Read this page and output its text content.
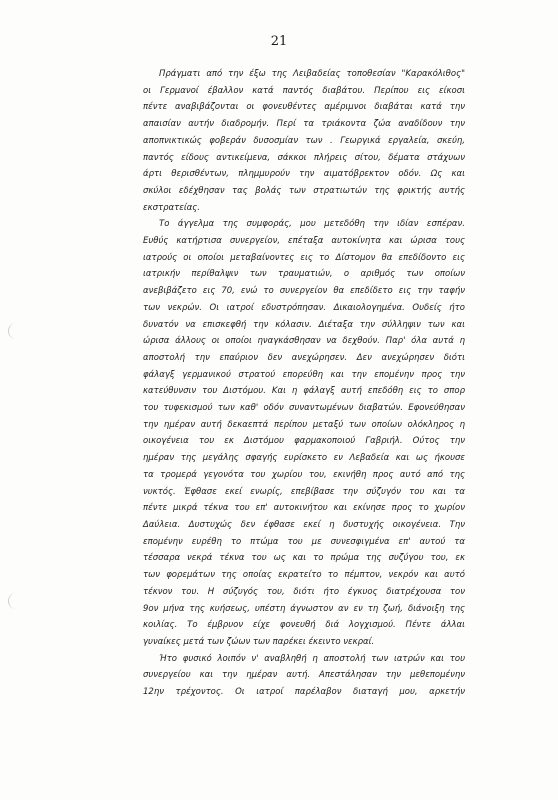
21

Πράγματι από την έξω της Λειβαδείας τοποθεσίαν "Καρακόλιθος"
οι Γερμανοί έβαλλον κατά παντός διαβάτου. Περίπου εις είκοσι
πέντε αναβιβάζονται οι φονευθέντες αμέριμνοι διαβάται κατά την
απαισίαν αυτήν διαδρομήν. Περί τα τριάκοντα ζώα αναδίδουν την
αποπνικτικώς φοβεράν δυσοσμίαν των . Γεωργικά εργαλεία, σκεύη,
παντός είδους αντικείμενα, σάκκοι πλήρεις σίτου, δέματα στάχυων
άρτι θερισθέντων, πλημμυρούν την αιματόβρεκτον οδόν. Ως και
σκύλοι εδέχθησαν τας βολάς των στρατιωτών της φρικτής αυτής
εκστρατείας.

Το άγγελμα της συμφοράς, μου μετεδόθη την ιδίαν εσπέραν.
Ευθύς κατήρτισα συνεργείον, επέταξα αυτοκίνητα και ώρισα τους
ιατρούς οι οποίοι μεταβαίνοντες εις το Δίστομον θα επεδίδοντο εις
ιατρικήν περίθαλψιν των τραυματιών, ο αριθμός των οποίων
ανεβιβάζετο εις 70, ενώ το συνεργείον θα επεδίδετο εις την ταφήν
των νεκρών. Οι ιατροί εδυστρόπησαν. Δικαιολογημένα. Ουδείς ήτο
δυνατόν να επισκεφθή την κόλασιν. Διέταξα την σύλληψιν των και
ώρισα άλλους οι οποίοι ηναγκάσθησαν να δεχθούν. Παρ' όλα αυτά η
αποστολή την επαύριον δεν ανεχώρησεν. Δεν ανεχώρησεν διότι
φάλαγξ γερμανικού στρατού επορεύθη και την επομένην προς την
κατεύθυνσιν του Διστόμου. Και η φάλαγξ αυτή επεδόθη εις το σπορ
του τυφεκισμού των καθ' οδόν συναντωμένων διαβατών. Εφονεύθησαν
την ημέραν αυτή δεκαεπτά περίπου μεταξύ των οποίων ολόκληρος η
οικογένεια του εκ Διστόμου φαρμακοποιού Γαβριήλ. Ούτος την
ημέραν της μεγάλης σφαγής ευρίσκετο εν Λεβαδεία και ως ήκουσε
τα τρομερά γεγονότα του χωρίου του, εκινήθη προς αυτό από της
νυκτός. Έφθασε εκεί ενωρίς, επεβίβασε την σύζυγόν του και τα
πέντε μικρά τέκνα του επ' αυτοκινήτου και εκίνησε προς το χωρίον
Δαύλεια. Δυστυχώς δεν έφθασε εκεί η δυστυχής οικογένεια. Την
επομένην ευρέθη το πτώμα του με συνεσφιγμένα επ' αυτού τα
τέσσαρα νεκρά τέκνα του ως και το πρώμα της συζύγου του, εκ
των φορεμάτων της οποίας εκρατείτο το πέμπτον, νεκρόν και αυτό
τέκνον του. Η σύζυγός του, διότι ήτο έγκυος διατρέχουσα τον
9ον μήνα της κυήσεως, υπέστη άγνωστον αν εν τη ζωή, διάνοιξη της
κοιλίας. Το έμβρυον είχε φονευθή διά λογχισμού. Πέντε άλλαι
γυναίκες μετά των ζώων των παρέκει έκειντο νεκραί.

Ήτο φυσικό λοιπόν ν' αναβληθή η αποστολή των ιατρών και του
συνεργείου και την ημέραν αυτή. Απεστάλησαν την μεθεπομένην
12ην τρέχοντος. Οι ιατροί παρέλαβον διαταγή μου, αρκετήν
